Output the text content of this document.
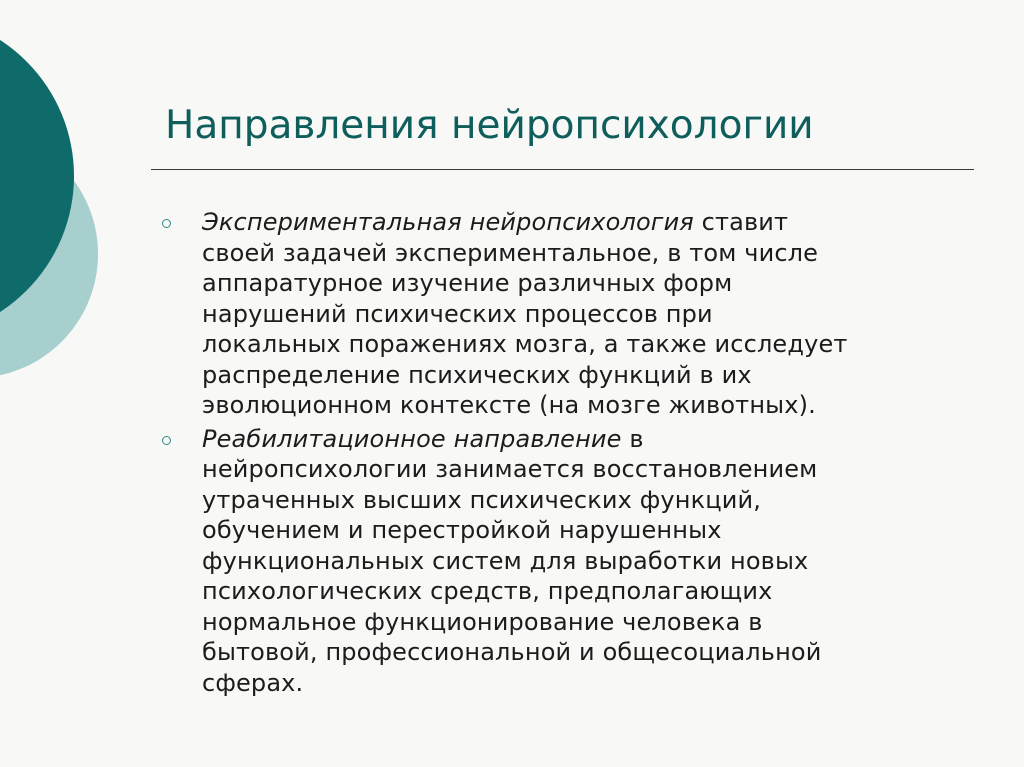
Направления нейропсихологии
Экспериментальная нейропсихология ставит
своей задачей экспериментальное, в том числе
аппаратурное изучение различных форм
нарушений психических процессов при
локальных поражениях мозга, а также исследует
распределение психических функций в их
эволюционном контексте (на мозге животных).
Реабилитационное направление в
нейропсихологии занимается восстановлением
утраченных высших психических функций,
обучением и перестройкой нарушенных
функциональных систем для выработки новых
психологических средств, предполагающих
нормальное функционирование человека в
бытовой, профессиональной и общесоциальной
сферах.
